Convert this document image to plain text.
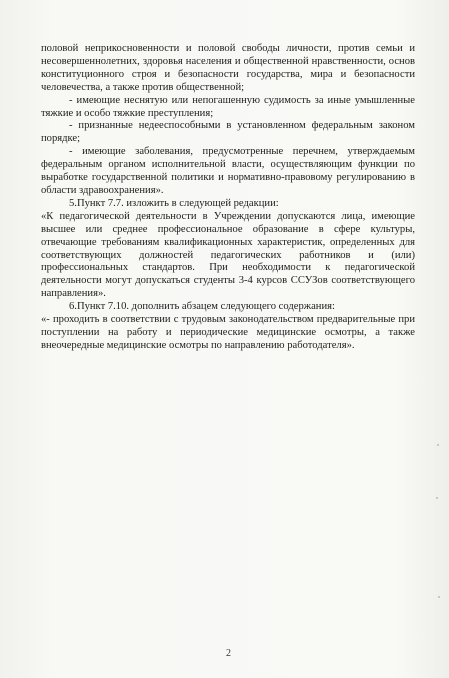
половой неприкосновенности и половой свободы личности, против семьи и несовершеннолетних, здоровья населения и общественной нравственности, основ конституционного строя и безопасности государства, мира и безопасности человечества, а также против общественной;

- имеющие неснятую или непогашенную судимость за иные умышленные тяжкие и особо тяжкие преступления;

- признанные недееспособными в установленном федеральным законом порядке;

- имеющие заболевания, предусмотренные перечнем, утверждаемым федеральным органом исполнительной власти, осуществляющим функции по выработке государственной политики и нормативно-правовому регулированию в области здравоохранения».

5.Пункт 7.7. изложить в следующей редакции:

«К педагогической деятельности в Учреждении допускаются лица, имеющие высшее или среднее профессиональное образование в сфере культуры, отвечающие требованиям квалификационных характеристик, определенных для соответствующих должностей педагогических работников и (или) профессиональных стандартов. При необходимости к педагогической деятельности могут допускаться студенты 3-4 курсов ССУЗов соответствующего направления».

6.Пункт 7.10. дополнить абзацем следующего содержания:

«- проходить в соответствии с трудовым законодательством предварительные при поступлении на работу и периодические медицинские осмотры, а также внеочередные медицинские осмотры по направлению работодателя».

2
